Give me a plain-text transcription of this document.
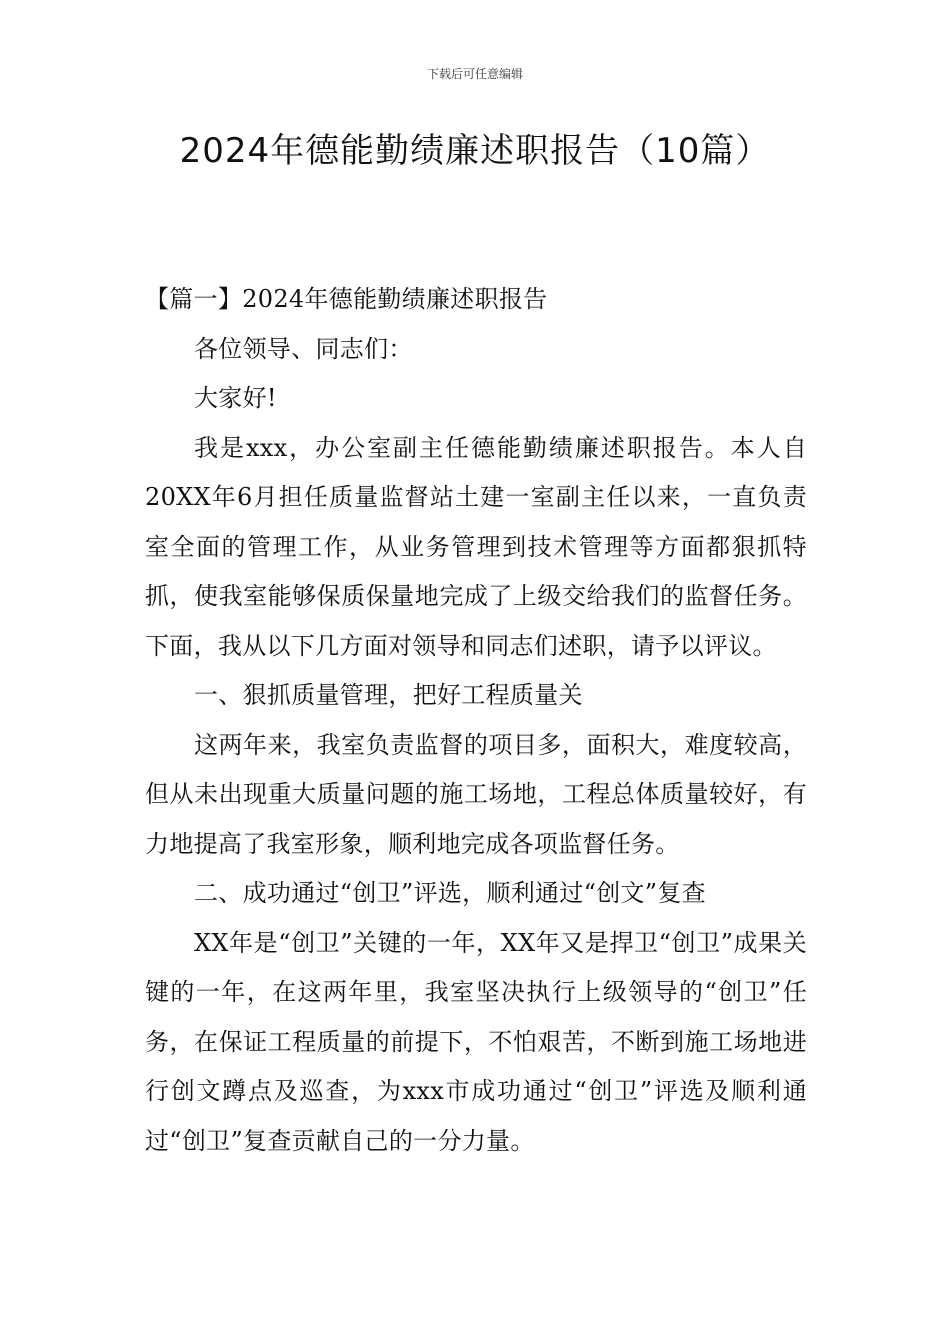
下载后可任意编辑
2024年德能勤绩廉述职报告（10篇）

【篇一】2024年德能勤绩廉述职报告

各位领导、同志们：

大家好!

我是xxx，办公室副主任德能勤绩廉述职报告。本人自20XX年6月担任质量监督站土建一室副主任以来，一直负责室全面的管理工作，从业务管理到技术管理等方面都狠抓特抓，使我室能够保质保量地完成了上级交给我们的监督任务。下面，我从以下几方面对领导和同志们述职，请予以评议。

一、狠抓质量管理，把好工程质量关

这两年来，我室负责监督的项目多，面积大，难度较高，但从未出现重大质量问题的施工场地，工程总体质量较好，有力地提高了我室形象，顺利地完成各项监督任务。

二、成功通过“创卫”评选，顺利通过“创文”复查

XX年是“创卫”关键的一年，XX年又是捍卫“创卫”成果关键的一年，在这两年里，我室坚决执行上级领导的“创卫”任务，在保证工程质量的前提下，不怕艰苦，不断到施工场地进行创文蹲点及巡查，为xxx市成功通过“创卫”评选及顺利通过“创卫”复查贡献自己的一分力量。
